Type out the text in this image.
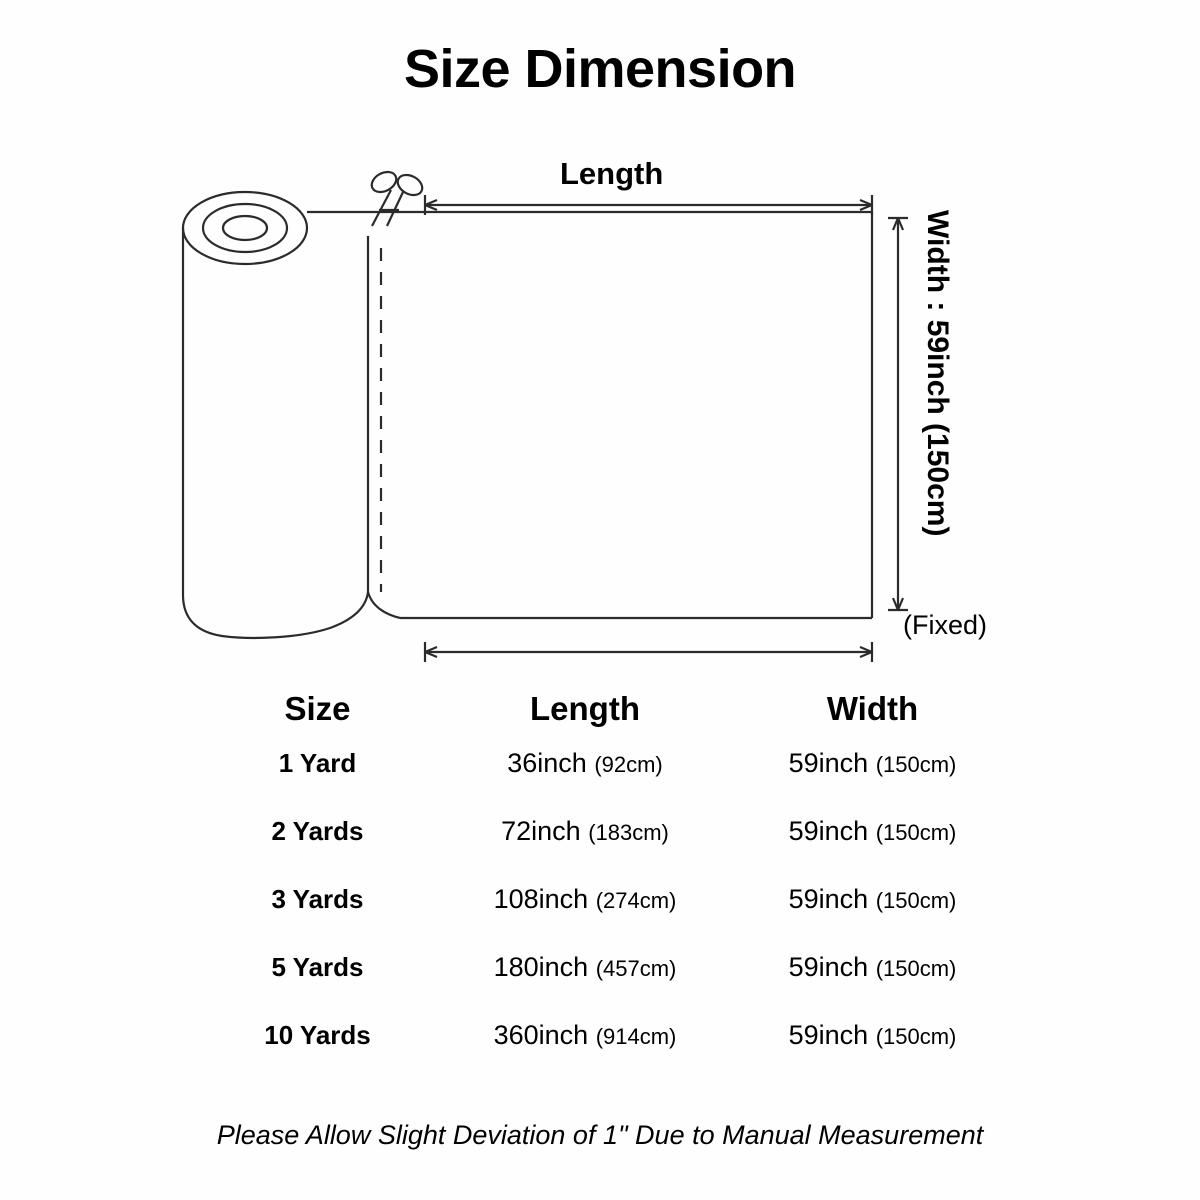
Size Dimension
Length
Width : 59inch (150cm)
(Fixed)
Size	Length	Width
1 Yard	36inch (92cm)	59inch (150cm)
2 Yards	72inch (183cm)	59inch (150cm)
3 Yards	108inch (274cm)	59inch (150cm)
5 Yards	180inch (457cm)	59inch (150cm)
10 Yards	360inch (914cm)	59inch (150cm)
Please Allow Slight Deviation of 1" Due to Manual Measurement
